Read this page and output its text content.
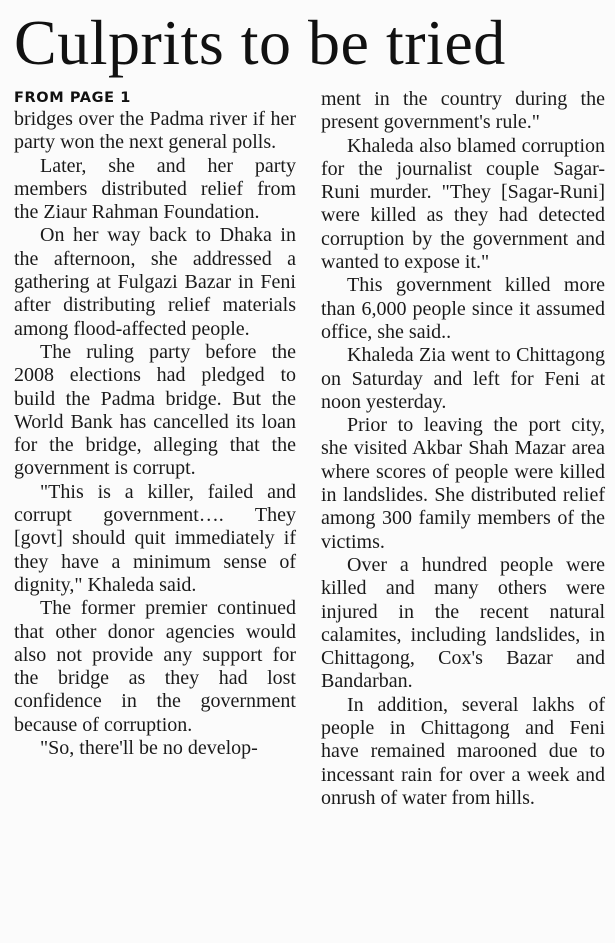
Culprits to be tried
FROM PAGE 1

bridges over the Padma river if her party won the next general polls.

Later, she and her party members distributed relief from the Ziaur Rahman Foundation.

On her way back to Dhaka in the afternoon, she addressed a gathering at Fulgazi Bazar in Feni after distributing relief materials among flood-affected people.

The ruling party before the 2008 elections had pledged to build the Padma bridge. But the World Bank has cancelled its loan for the bridge, alleging that the government is corrupt.

"This is a killer, failed and corrupt government…. They [govt] should quit immediately if they have a minimum sense of dignity," Khaleda said.

The former premier continued that other donor agencies would also not provide any support for the bridge as they had lost confidence in the government because of corruption.

"So, there'll be no develop-

ment in the country during the present government's rule."

Khaleda also blamed corruption for the journalist couple Sagar-Runi murder. "They [Sagar-Runi] were killed as they had detected corruption by the government and wanted to expose it."

This government killed more than 6,000 people since it assumed office, she said..

Khaleda Zia went to Chittagong on Saturday and left for Feni at noon yesterday.

Prior to leaving the port city, she visited Akbar Shah Mazar area where scores of people were killed in landslides. She distributed relief among 300 family members of the victims.

Over a hundred people were killed and many others were injured in the recent natural calamites, including landslides, in Chittagong, Cox's Bazar and Bandarban.

In addition, several lakhs of people in Chittagong and Feni have remained marooned due to incessant rain for over a week and onrush of water from hills.
